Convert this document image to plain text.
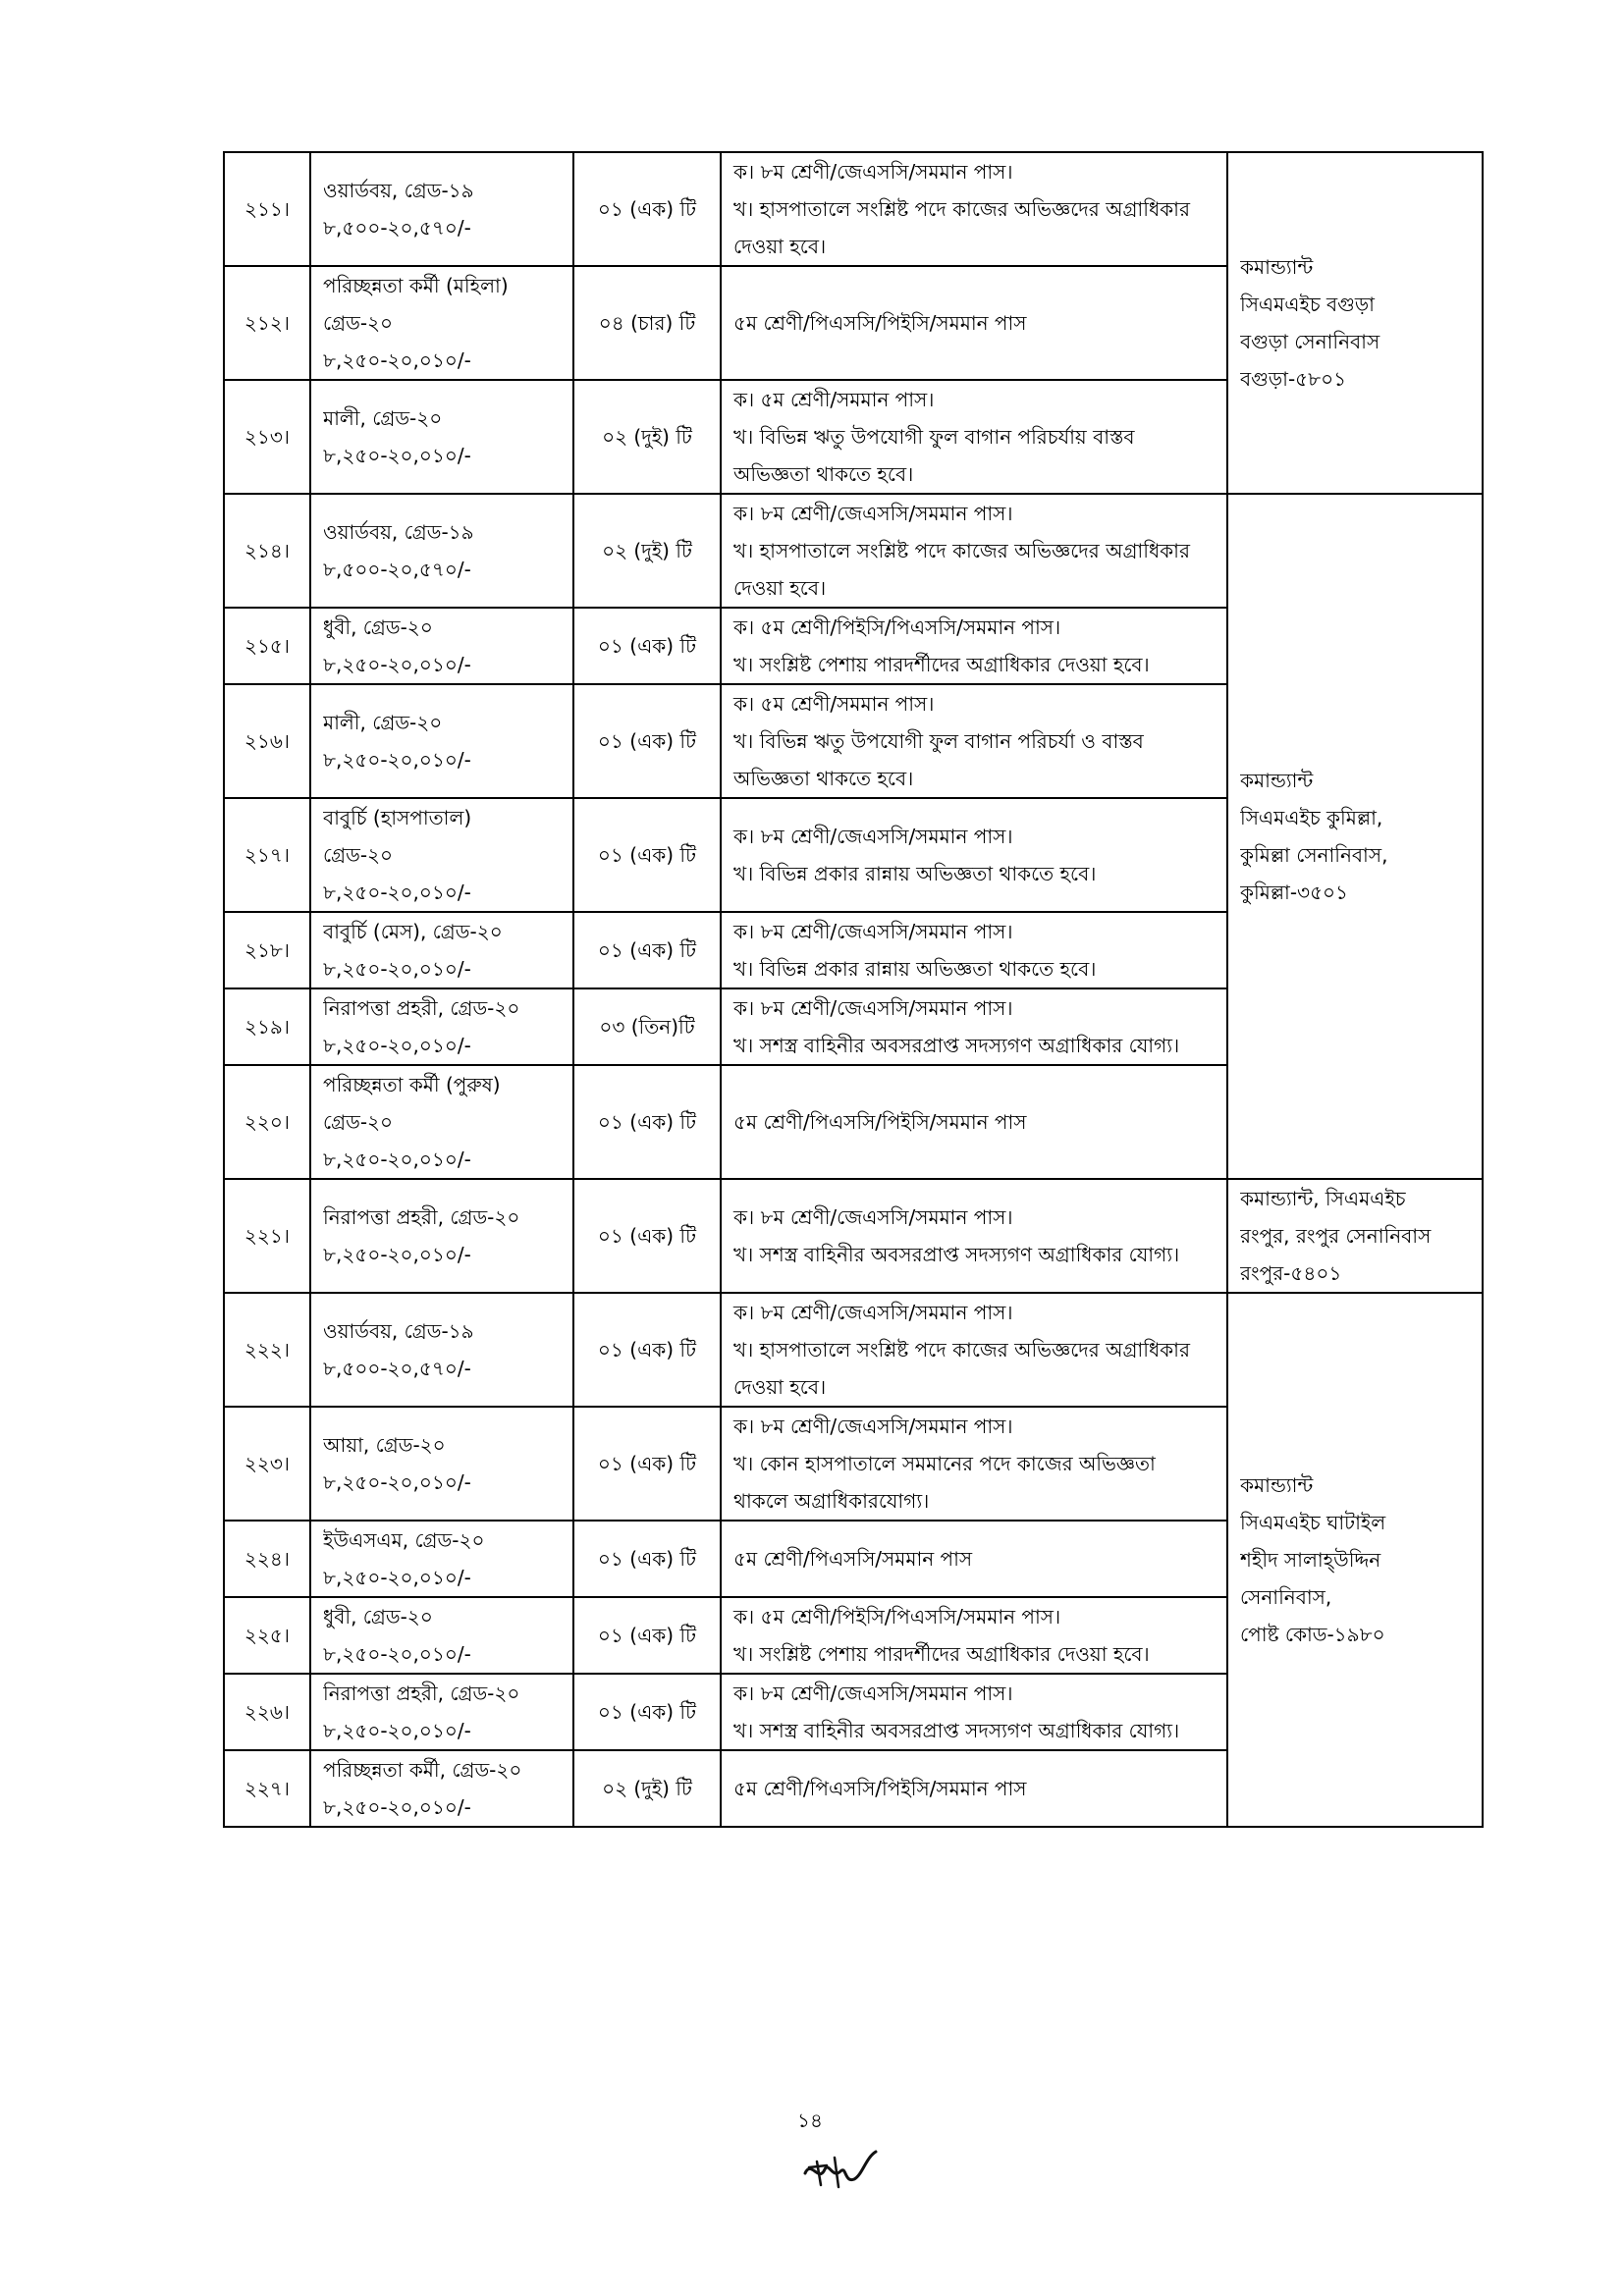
২১১।	ওয়ার্ডবয়, গ্রেড-১৯
৮,৫০০-২০,৫৭০/-	০১ (এক) টি	ক। ৮ম শ্রেণী/জেএসসি/সমমান পাস।
খ। হাসপাতালে সংশ্লিষ্ট পদে কাজের অভিজ্ঞদের অগ্রাধিকার দেওয়া হবে।	কমান্ড্যান্ট
সিএমএইচ বগুড়া
বগুড়া সেনানিবাস
বগুড়া-৫৮০১

২১২।	পরিচ্ছন্নতা কর্মী (মহিলা)
গ্রেড-২০
৮,২৫০-২০,০১০/-	০৪ (চার) টি	৫ম শ্রেণী/পিএসসি/পিইসি/সমমান পাস	

২১৩।	মালী, গ্রেড-২০
৮,২৫০-২০,০১০/-	০২ (দুই) টি	ক। ৫ম শ্রেণী/সমমান পাস।
খ। বিভিন্ন ঋতু উপযোগী ফুল বাগান পরিচর্যায় বাস্তব অভিজ্ঞতা থাকতে হবে।	

২১৪।	ওয়ার্ডবয়, গ্রেড-১৯
৮,৫০০-২০,৫৭০/-	০২ (দুই) টি	ক। ৮ম শ্রেণী/জেএসসি/সমমান পাস।
খ। হাসপাতালে সংশ্লিষ্ট পদে কাজের অভিজ্ঞদের অগ্রাধিকার দেওয়া হবে।	কমান্ড্যান্ট
সিএমএইচ কুমিল্লা,
কুমিল্লা সেনানিবাস,
কুমিল্লা-৩৫০১

২১৫।	ধুবী, গ্রেড-২০
৮,২৫০-২০,০১০/-	০১ (এক) টি	ক। ৫ম শ্রেণী/পিইসি/পিএসসি/সমমান পাস।
খ। সংশ্লিষ্ট পেশায় পারদর্শীদের অগ্রাধিকার দেওয়া হবে।	

২১৬।	মালী, গ্রেড-২০
৮,২৫০-২০,০১০/-	০১ (এক) টি	ক। ৫ম শ্রেণী/সমমান পাস।
খ। বিভিন্ন ঋতু উপযোগী ফুল বাগান পরিচর্যা ও বাস্তব অভিজ্ঞতা থাকতে হবে।	

২১৭।	বাবুর্চি (হাসপাতাল)
গ্রেড-২০
৮,২৫০-২০,০১০/-	০১ (এক) টি	ক। ৮ম শ্রেণী/জেএসসি/সমমান পাস।
খ। বিভিন্ন প্রকার রান্নায় অভিজ্ঞতা থাকতে হবে।	

২১৮।	বাবুর্চি (মেস), গ্রেড-২০
৮,২৫০-২০,০১০/-	০১ (এক) টি	ক। ৮ম শ্রেণী/জেএসসি/সমমান পাস।
খ। বিভিন্ন প্রকার রান্নায় অভিজ্ঞতা থাকতে হবে।	

২১৯।	নিরাপত্তা প্রহরী, গ্রেড-২০
৮,২৫০-২০,০১০/-	০৩ (তিন)টি	ক। ৮ম শ্রেণী/জেএসসি/সমমান পাস।
খ। সশস্ত্র বাহিনীর অবসরপ্রাপ্ত সদস্যগণ অগ্রাধিকার যোগ্য।	

২২০।	পরিচ্ছন্নতা কর্মী (পুরুষ)
গ্রেড-২০
৮,২৫০-২০,০১০/-	০১ (এক) টি	৫ম শ্রেণী/পিএসসি/পিইসি/সমমান পাস	

২২১।	নিরাপত্তা প্রহরী, গ্রেড-২০
৮,২৫০-২০,০১০/-	০১ (এক) টি	ক। ৮ম শ্রেণী/জেএসসি/সমমান পাস।
খ। সশস্ত্র বাহিনীর অবসরপ্রাপ্ত সদস্যগণ অগ্রাধিকার যোগ্য।	কমান্ড্যান্ট, সিএমএইচ
রংপুর, রংপুর সেনানিবাস
রংপুর-৫৪০১

২২২।	ওয়ার্ডবয়, গ্রেড-১৯
৮,৫০০-২০,৫৭০/-	০১ (এক) টি	ক। ৮ম শ্রেণী/জেএসসি/সমমান পাস।
খ। হাসপাতালে সংশ্লিষ্ট পদে কাজের অভিজ্ঞদের অগ্রাধিকার দেওয়া হবে।	কমান্ড্যান্ট
সিএমএইচ ঘাটাইল
শহীদ সালাহ্উদ্দিন
সেনানিবাস,
পোষ্ট কোড-১৯৮০

২২৩।	আয়া, গ্রেড-২০
৮,২৫০-২০,০১০/-	০১ (এক) টি	ক। ৮ম শ্রেণী/জেএসসি/সমমান পাস।
খ। কোন হাসপাতালে সমমানের পদে কাজের অভিজ্ঞতা থাকলে অগ্রাধিকারযোগ্য।	

২২৪।	ইউএসএম, গ্রেড-২০
৮,২৫০-২০,০১০/-	০১ (এক) টি	৫ম শ্রেণী/পিএসসি/সমমান পাস	

২২৫।	ধুবী, গ্রেড-২০
৮,২৫০-২০,০১০/-	০১ (এক) টি	ক। ৫ম শ্রেণী/পিইসি/পিএসসি/সমমান পাস।
খ। সংশ্লিষ্ট পেশায় পারদর্শীদের অগ্রাধিকার দেওয়া হবে।	

২২৬।	নিরাপত্তা প্রহরী, গ্রেড-২০
৮,২৫০-২০,০১০/-	০১ (এক) টি	ক। ৮ম শ্রেণী/জেএসসি/সমমান পাস।
খ। সশস্ত্র বাহিনীর অবসরপ্রাপ্ত সদস্যগণ অগ্রাধিকার যোগ্য।	

২২৭।	পরিচ্ছন্নতা কর্মী, গ্রেড-২০
৮,২৫০-২০,০১০/-	০২ (দুই) টি	৫ম শ্রেণী/পিএসসি/পিইসি/সমমান পাস	
১৪
